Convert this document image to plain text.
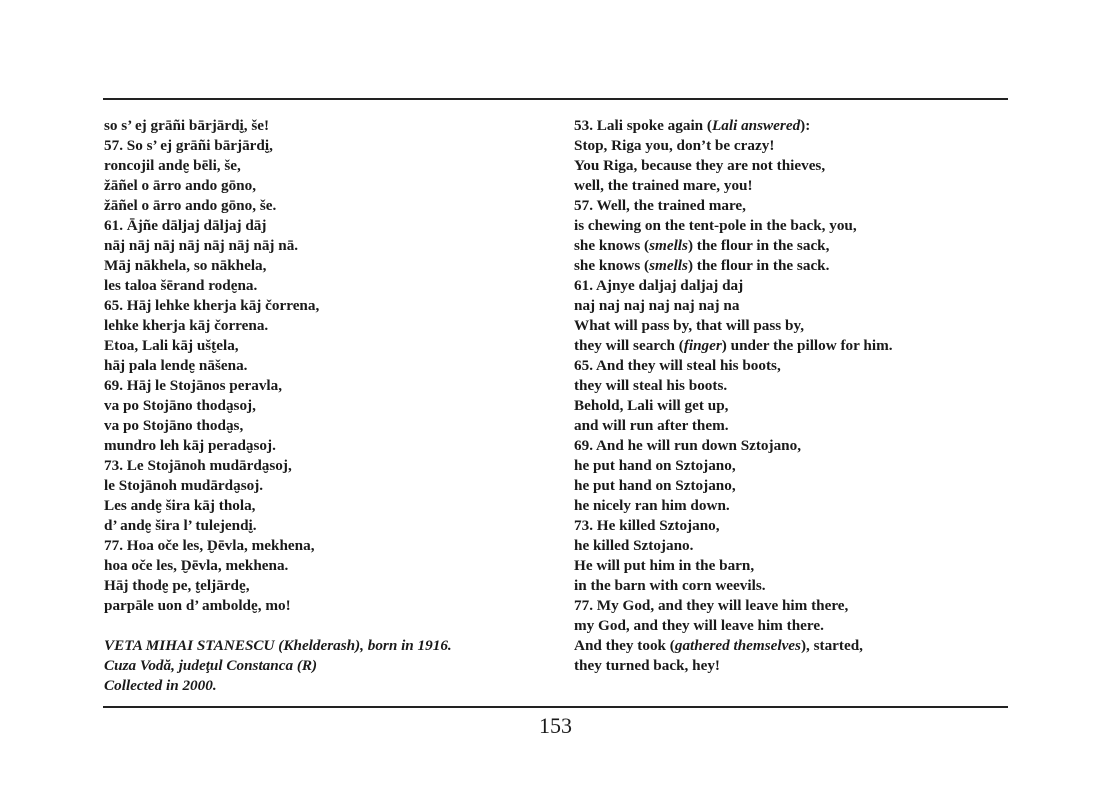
so s’ ej grāñi bārjārdi̮, še!
57. So s’ ej grāñi bārjārdi̮,
roncojil ande̮ bēli, še,
žāñel o ārro ando gōno,
žāñel o ārro ando gōno, še.
61. Ājñe dāljaj dāljaj dāj
nāj nāj nāj nāj nāj nāj nāj nā.
Māj nākhela, so nākhela,
les taloa šērand rode̮na.
65. Hāj lehke kherja kāj čorrena,
lehke kherja kāj čorrena.
Etoa, Lali kāj ušt̮ela,
hāj pala lende̮ nāšena.
69. Hāj le Stojānos peravla,
va po Stojāno thoda̮soj,
va po Stojāno thoda̮s,
mundro leh kāj perada̮soj.
73. Le Stojānoh mudārda̮soj,
le Stojānoh mudārda̮soj.
Les ande̮ šira kāj thola,
d’ ande̮ šira l’ tulejendi̮.
77. Hoa oče les, D̮ēvla, mekhena,
hoa oče les, D̮ēvla, mekhena.
Hāj thode̮ pe, t̮eljārde̮,
parpāle uon d’ ambolde̮, mo!
VETA MIHAI STANESCU (Khelderash), born in 1916.
Cuza Vodă, judeţul Constanca (R)
Collected in 2000.
53. Lali spoke again (Lali answered):
Stop, Riga you, don’t be crazy!
You Riga, because they are not thieves,
well, the trained mare, you!
57. Well, the trained mare,
is chewing on the tent-pole in the back, you,
she knows (smells) the flour in the sack,
she knows (smells) the flour in the sack.
61. Ajnye daljaj daljaj daj
naj naj naj naj naj naj na
What will pass by, that will pass by,
they will search (finger) under the pillow for him.
65. And they will steal his boots,
they will steal his boots.
Behold, Lali will get up,
and will run after them.
69. And he will run down Sztojano,
he put hand on Sztojano,
he put hand on Sztojano,
he nicely ran him down.
73. He killed Sztojano,
he killed Sztojano.
He will put him in the barn,
in the barn with corn weevils.
77. My God, and they will leave him there,
my God, and they will leave him there.
And they took (gathered themselves), started,
they turned back, hey!
153
